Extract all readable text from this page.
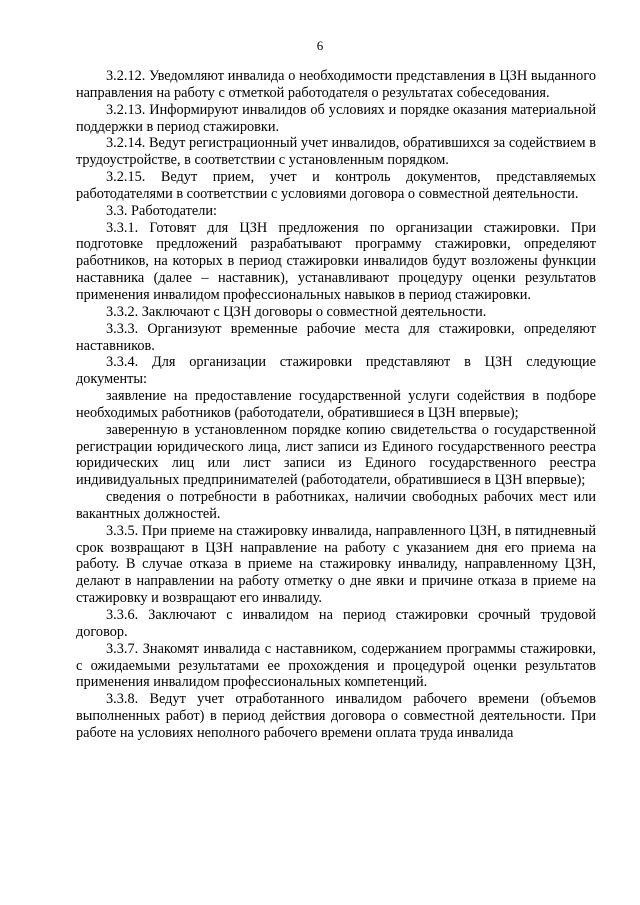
6

3.2.12. Уведомляют инвалида о необходимости представления в ЦЗН выданного направления на работу с отметкой работодателя о результатах собеседования.

3.2.13. Информируют инвалидов об условиях и порядке оказания материальной поддержки в период стажировки.

3.2.14. Ведут регистрационный учет инвалидов, обратившихся за содействием в трудоустройстве, в соответствии с установленным порядком.

3.2.15. Ведут прием, учет и контроль документов, представляемых работодателями в соответствии с условиями договора о совместной деятельности.

3.3. Работодатели:

3.3.1. Готовят для ЦЗН предложения по организации стажировки. При подготовке предложений разрабатывают программу стажировки, определяют работников, на которых в период стажировки инвалидов будут возложены функции наставника (далее – наставник), устанавливают процедуру оценки результатов применения инвалидом профессиональных навыков в период стажировки.

3.3.2. Заключают с ЦЗН договоры о совместной деятельности.

3.3.3. Организуют временные рабочие места для стажировки, определяют наставников.

3.3.4. Для организации стажировки представляют в ЦЗН следующие документы:

заявление на предоставление государственной услуги содействия в подборе необходимых работников (работодатели, обратившиеся в ЦЗН впервые);

заверенную в установленном порядке копию свидетельства о государственной регистрации юридического лица, лист записи из Единого государственного реестра юридических лиц или лист записи из Единого государственного реестра индивидуальных предпринимателей (работодатели, обратившиеся в ЦЗН впервые);

сведения о потребности в работниках, наличии свободных рабочих мест или вакантных должностей.

3.3.5. При приеме на стажировку инвалида, направленного ЦЗН, в пятидневный срок возвращают в ЦЗН направление на работу с указанием дня его приема на работу. В случае отказа в приеме на стажировку инвалиду, направленному ЦЗН, делают в направлении на работу отметку о дне явки и причине отказа в приеме на стажировку и возвращают его инвалиду.

3.3.6. Заключают с инвалидом на период стажировки срочный трудовой договор.

3.3.7. Знакомят инвалида с наставником, содержанием программы стажировки, с ожидаемыми результатами ее прохождения и процедурой оценки результатов применения инвалидом профессиональных компетенций.

3.3.8. Ведут учет отработанного инвалидом рабочего времени (объемов выполненных работ) в период действия договора о совместной деятельности. При работе на условиях неполного рабочего времени оплата труда инвалида
